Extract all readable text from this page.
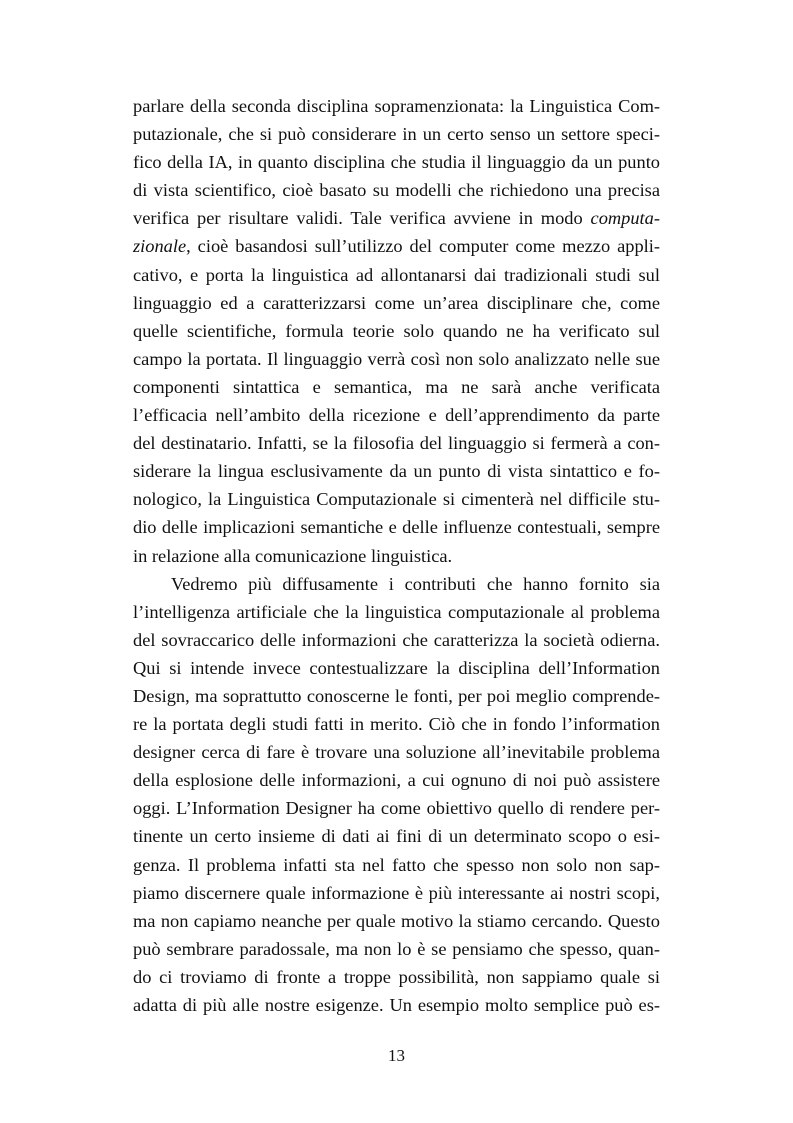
parlare della seconda disciplina sopramenzionata: la Linguistica Com-
putazionale, che si può considerare in un certo senso un settore speci-
fico della IA, in quanto disciplina che studia il linguaggio da un punto
di vista scientifico, cioè basato su modelli che richiedono una precisa
verifica per risultare validi. Tale verifica avviene in modo computa-
zionale, cioè basandosi sull’utilizzo del computer come mezzo appli-
cativo, e porta la linguistica ad allontanarsi dai tradizionali studi sul
linguaggio ed a caratterizzarsi come un’area disciplinare che, come
quelle scientifiche, formula teorie solo quando ne ha verificato sul
campo la portata. Il linguaggio verrà così non solo analizzato nelle sue
componenti sintattica e semantica, ma ne sarà anche verificata
l’efficacia nell’ambito della ricezione e dell’apprendimento da parte
del destinatario. Infatti, se la filosofia del linguaggio si fermerà a con-
siderare la lingua esclusivamente da un punto di vista sintattico e fo-
nologico, la Linguistica Computazionale si cimenterà nel difficile stu-
dio delle implicazioni semantiche e delle influenze contestuali, sempre
in relazione alla comunicazione linguistica.
Vedremo più diffusamente i contributi che hanno fornito sia
l’intelligenza artificiale che la linguistica computazionale al problema
del sovraccarico delle informazioni che caratterizza la società odierna.
Qui si intende invece contestualizzare la disciplina dell’Information
Design, ma soprattutto conoscerne le fonti, per poi meglio comprende-
re la portata degli studi fatti in merito. Ciò che in fondo l’information
designer cerca di fare è trovare una soluzione all’inevitabile problema
della esplosione delle informazioni, a cui ognuno di noi può assistere
oggi. L’Information Designer ha come obiettivo quello di rendere per-
tinente un certo insieme di dati ai fini di un determinato scopo o esi-
genza. Il problema infatti sta nel fatto che spesso non solo non sap-
piamo discernere quale informazione è più interessante ai nostri scopi,
ma non capiamo neanche per quale motivo la stiamo cercando. Questo
può sembrare paradossale, ma non lo è se pensiamo che spesso, quan-
do ci troviamo di fronte a troppe possibilità, non sappiamo quale si
adatta di più alle nostre esigenze. Un esempio molto semplice può es-
13
